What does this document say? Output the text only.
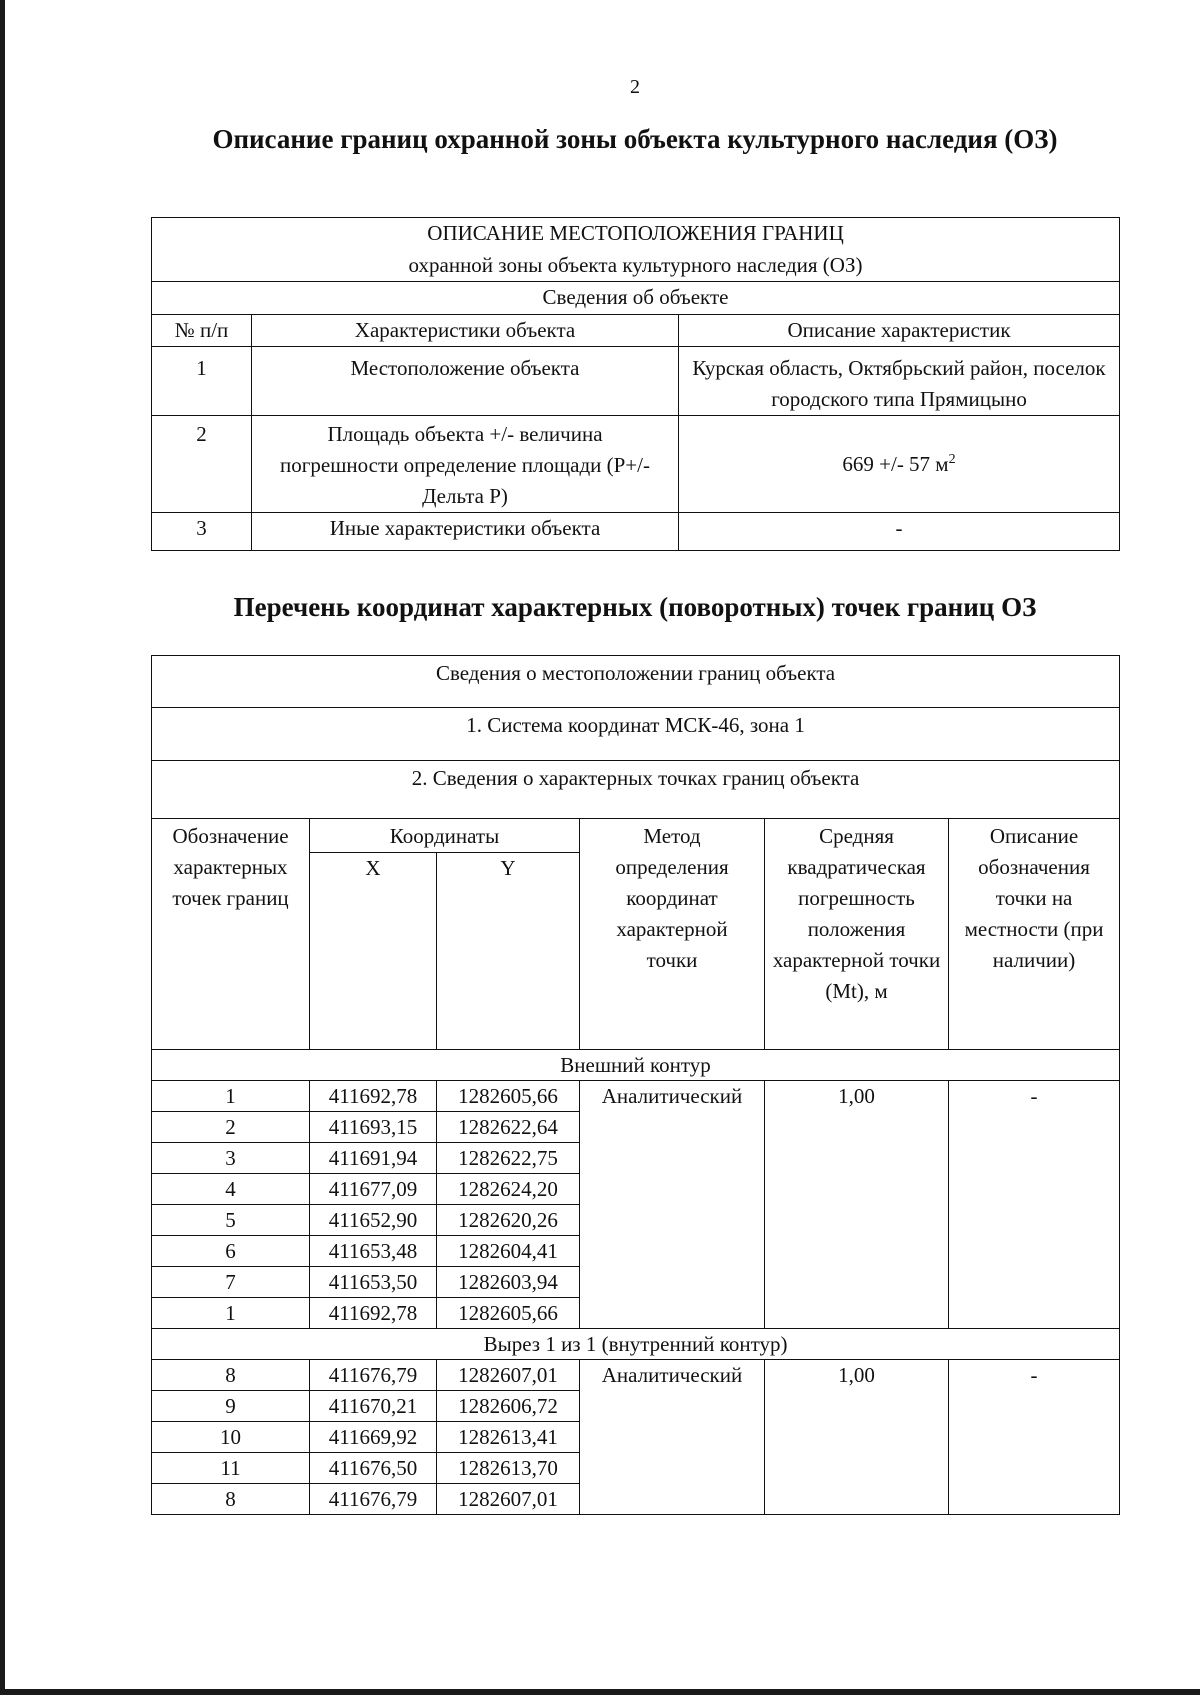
2
Описание границ охранной зоны объекта культурного наследия (ОЗ)
ОПИСАНИЕ МЕСТОПОЛОЖЕНИЯ ГРАНИЦ
охранной зоны объекта культурного наследия (ОЗ)		

Сведения об объекте		
№ п/п	Характеристики объекта	Описание характеристик
1	Местоположение объекта	Курская область, Октябрьский район, поселок городского типа Прямицыно
2	Площадь объекта +/- величина погрешности определение площади (Р+/- Дельта Р)	669 +/- 57 $м^2$
3	Иные характеристики объекта	-
Перечень координат характерных (поворотных) точек границ ОЗ
Сведения о местоположении границ объекта					
1. Система координат МСК-46, зона 1					
2. Сведения о характерных точках границ объекта					
Обозначение характерных точек границ	Координаты		Метод определения координат характерной точки	Средняя квадратическая погрешность положения характерной точки (Mt), м	Описание обозначения точки на местности (при наличии)
	X	Y			
Внешний контур					
1	411692,78	1282605,66	Аналитический	1,00	-
2	411693,15	1282622,64			
3	411691,94	1282622,75			
4	411677,09	1282624,20			
5	411652,90	1282620,26			
6	411653,48	1282604,41			
7	411653,50	1282603,94			
1	411692,78	1282605,66			
Вырез 1 из 1 (внутренний контур)					
8	411676,79	1282607,01	Аналитический	1,00	-
9	411670,21	1282606,72			
10	411669,92	1282613,41			
11	411676,50	1282613,70			
8	411676,79	1282607,01			
